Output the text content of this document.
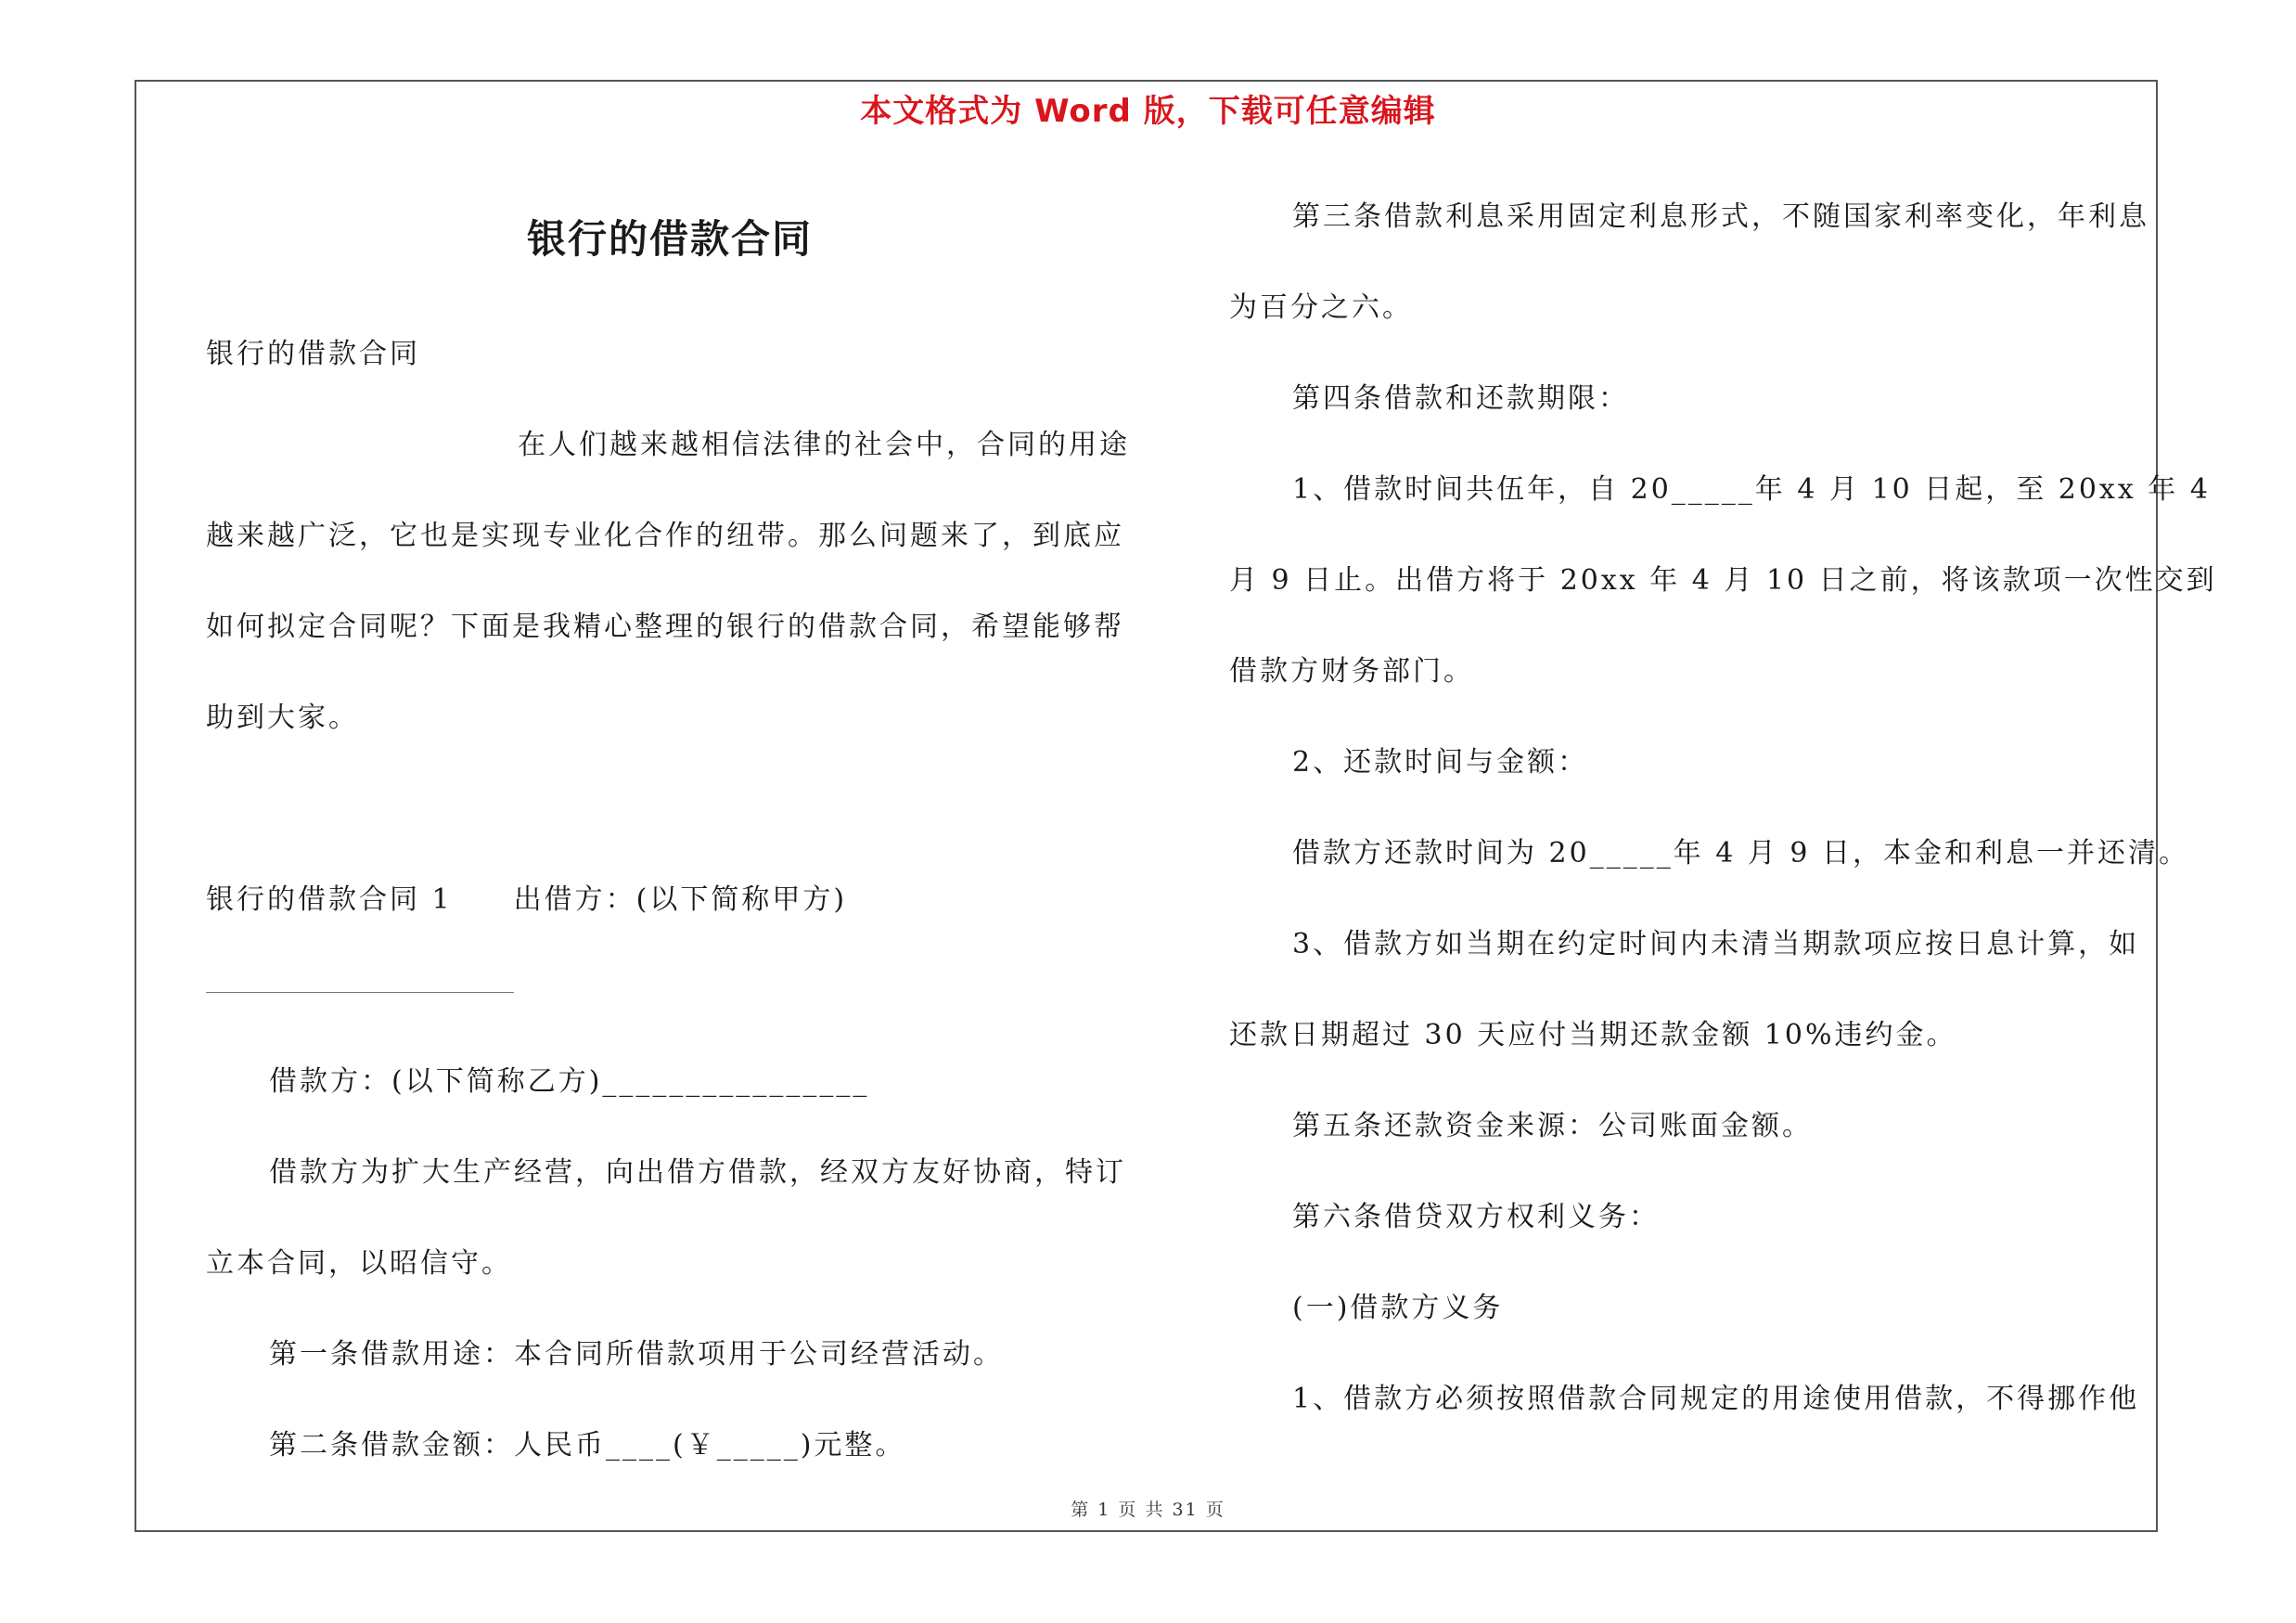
本文格式为 Word 版，下载可任意编辑
银行的借款合同
银行的借款合同
在人们越来越相信法律的社会中，合同的用途
越来越广泛，它也是实现专业化合作的纽带。那么问题来了，到底应
如何拟定合同呢？下面是我精心整理的银行的借款合同，希望能够帮
助到大家。
银行的借款合同 1　　出借方：(以下简称甲方)
借款方：(以下简称乙方)________________
借款方为扩大生产经营，向出借方借款，经双方友好协商，特订
立本合同，以昭信守。
第一条借款用途：本合同所借款项用于公司经营活动。
第二条借款金额：人民币____(￥_____)元整。
第三条借款利息采用固定利息形式，不随国家利率变化，年利息
为百分之六。
第四条借款和还款期限：
1、借款时间共伍年，自 20_____年 4 月 10 日起，至 20xx 年 4
月 9 日止。出借方将于 20xx 年 4 月 10 日之前，将该款项一次性交到
借款方财务部门。
2、还款时间与金额：
借款方还款时间为 20_____年 4 月 9 日，本金和利息一并还清。
3、借款方如当期在约定时间内未清当期款项应按日息计算，如
还款日期超过 30 天应付当期还款金额 10%违约金。
第五条还款资金来源：公司账面金额。
第六条借贷双方权利义务：
(一)借款方义务
1、借款方必须按照借款合同规定的用途使用借款，不得挪作他
第 1 页 共 31 页
